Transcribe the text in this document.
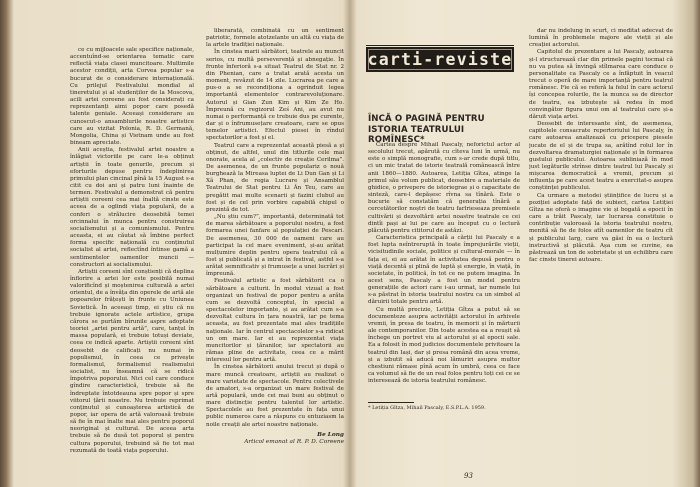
ce cu mijloacele sale specifice naționale, accentuînd-se orientarea tematic care reflectă viața clasei muncitoare. Multimile acestor condiții, arta Corvea popular s-a bucurat de o considerare internațională. Cu prilejul Festivalului mondial al tineretului și al studenților de la Moscova, acili artei coreene au fost considerați ca reprezentanți aimi popor care posedă talente geniale. Aceeași considerare au cunoscut-o ansamblurile noastre artistice care au vizitat Polonia, R. D. Germană, Mongolia, China și Vietnam unde au fost bineam apreciate.

Anii aceștia, festivalul artei noastre a înlăgiat victoriile pe care le-a obținut artiștii în toate genurile, precum și eforturile depuse pentru îndeplinirea primului plan cincinal pînă la 15 August s-a citit cu doi ani și patru luni înainte de termen. Festivalul a demonstrat că pentru artiștii coreeni cea mai înaltă cinste este aceea de a oglindi viața populară, de a conferi o strălucire deosebită temei orcinnalui în munca pentru construirea socialismului și a comunismului. Pentru aceasta, ei au căutat să îmbine perfect forma specific națională cu conținutul socialist al artei, reflectînd întinse gamă a sentimentelor oamenilor muncii — constructori ai socialismului.

Artiștii coreeni sînt conștienți că deplina înflorire a artei lor este posibilă numai valorificînd și moștenirea culturală a artei orientul, de a învăța din operele de artă ale popoarelor frățești în frunte cu Uniunea Sovietică. În aceeași timp, ei știu că nu trebuie ignorate actele artistice, grupa cărora se purtăm bîrunile aspre adoptate teoriei „artei pentru artă”, care, tanțul în massa populară, ei trebuie totuși deviate, ceea ce indică aparte. Artiștii coreeni sînt deosebit de calificați nu numai în populismul, în ceea ce privește formalismul, formalismul realismului socialist, nu înseamnă că se ridică împotriva poporului. Nici cel care conduce gîndire caracteristică, trebuie să fie îndreptate întotdeauna spre popor și spre viitorul țării noastre. Nu trebuie reprimat conținutul și cunoașterea artistică de popor, iar opera de artă valoroasă trebuie să fie în mai înalte mai ales pentru poporul neoriginal și cultural. De aceea arta trebuie să fie dusă tot poporul și pentru cultura poporului, trebuind să fie tot mai rezumată de toată viața poporului.

liberarată, combinată cu un sentiment patriotic, formele atotzelante un altă cu viața de la artele tradiției naționale.

În cinstea marii sărbători, teatrele au muncit serios, cu multă perseverență și abnegație. În frunte înferioră s-a situat Teatrul de Stat nr. 2 din Phenian, care a tratat arată acesta un moment, revăzut de 14 zile. Lucrarea pe care a pus-o a se recondiționa a ogrinduit legea importantă elementelor contrarevoluționare. Autorul și Gian Zun Kim și Kim Ze Ho. Împreună cu regizorul Ześ Ani, au avut nu numai o performanță ce trebuie dus pe curente, dar și o înfrumusețare creatoare, care se opus temelor artistici. Efectul piesei în rîndul spectatorilor a fost și el.

Teatrul care a reprezentat această piesă a și obținut, de altfel, unul din titlurile cele mai onorate, acela al „colectiv de creație Cerilma”. De asemenea, de un frunte populariz o nouă burghează la Mireasa luptei de Li Dun Gan și Li Xã Phan, de regia Lucrare și Ansamblul Teatrului de Stat pentru Li Ăn Teu, care au pregătit mai multe scenarii și fazini clubul au fost și de cel prin vorbire capabilă chipul o prezintă de tot.

„Nu știu cum?”, importantă, determinată tot de marea sărbătoare a poporului nostru, a fost formarea unei fanfare al populației de Pescari. De asemenea, 30 000 de oameni care au participat la cel mare eveniment, și-au arătat mulțumire deplin pentru opera teatrului că a fost și publicată și a intrat în festival, astfel s-a arătat semnificativ și frumusețe a unei lucrări și împreună.

Festivalul artistic a fost sărbătorit ca o sărbătoare a culturii. În modul vizual a fost organizat un festival de popor pentru a arăta cum se dezvoltă conceptul, în special a spectacolelor importante, și au arătat cum s-a dezvoltat cultura în țara noastră, iar pe tema aceasta, au fost prezentate mai ales tradițiile naționale. Iar în centrul spectacolelor s-a ridicat un om mare. Iar ei au reprezentat viața muncitorilor și țăranilor, iar spectatorii au rămas pline de activitate, ceea ce a mărit interesul lor pentru artă.

În cinstea sărbătorii anului trecut și după o mare muncă creatoare, artiștii au realizat o mare varietate de spectacole. Pentru colectivele de amatori, s-a organizat un mare festival de artă populară, unde cei mai buni au obținut o mare distincție pentru talentul lor artistic. Spectacolele au fost prezentate în fața unui public numeros care a răspuns cu entuziasm la noile creații ale artei noastre naționale.

Be Long
Articol emanat al R. P. D. Coreene
carti-reviste
ÎNCĂ O PAGINĂ PENTRU ISTORIA TEATRULUI ROMÎNESC*

Cartea despre Mihail Pascaly, neforictul actor al secolului trecut, apărută cu cîteva luni în urmă, nu este o simplă monografie, cum s-ar crede după titlu, ci un mic tratat de istorie teatrală românească între anii 1860—1880. Autoarea, Letiția Gîtza, atinge la primul său volum publicat, deosebire a materiale de ghidice, o privepere de istoriegrae și o capacitate de sinteză, care-l depășesc rîvna sa tînără. Este o bucurie să constatăm că generația tînără a cercetătorilor noștri de teatru farlrieseaza premisele cultivării și dezvoltării artei noastre teatrale ce cei dintîi pași ai lui pe care au început cu o lectură plăcută pentru cititorul de astăzi.

Caracteristica principală a cărții lui Pascaly e a fost lupta neîntreruptă în toate împrejurările vieții, vicisitudinile sociale, politice și cultural-morale — în fața ei, ei au arătat în activitatea depusă pentru o viață decentă și plină de luptă și energie, în viață, în societate, în politică, în tot ce ne putem imagina. În acest sens, Pascaly a fost un model pentru generațiile de actori care i-au urmat, iar numele lui s-a păstrat în istoria teatrului nostru ca un simbol al dăruirii totale pentru artă.

Cu multă precizie, Letiția Gîtza a putut să se documenteze asupra activității actorului în arhivele vremii, în presa de teatru, în memorii și în mărturii ale contemporanilor. Din toate acestea ea a reușit să închege un portret viu al actorului și al epocii sale. Ea a folosit în mod judicios documentele privitoare la teatrul din Iași, dar și presa română din acea vreme, și a izbutit să aducă noi lămuriri asupra multor chestiuni rămase pînă acum în umbră, ceea ce face ca volumul să fie de un real folos pentru toți cei ce se interesează de istoria teatrului românesc.

* Letiția Gîtza, Mihail Pascaly, E.S.P.L.A. 1959.

dar nu îndelung în scurt, ci meditat adecvat de lumină în problemele majore ale vieții și ale creației actorului.

Capitolul de prezentare a lui Pascaly, autoarea și-l structurează clar din primele pagini tocmai că nu va putea să învingă stîlmarea care conduce o personalitate ca Pascaly ce a înfăptuit în veacul trecut o operă de mare importanță pentru teatrul românesc. Fie că se referă la felul în care actorul își concepea rolurile, fie la munca sa de director de teatru, ea izbutește să redea în mod convingător figura unui om al teatrului care și-a dăruit viața artei.

Deosebit de interesante sînt, de asemenea, capitolele consacrate repertoriului lui Pascaly, în care autoarea analizează cu pricepere piesele jucate de el și de trupa sa, arătînd rolul lor în dezvoltarea dramaturgiei naționale și în formarea gustului publicului. Autoarea subliniază în mod just legăturile strînse dintre teatrul lui Pascaly și mișcarea democratică a vremii, precum și influența pe care acest teatru a exercitat-o asupra conștiinței publicului.

Ca urmare a metodei științifice de lucru și a poziției adoptate față de subiect, cartea Letiției Gîtza ne oferă o imagine vie și bogată a epocii în care a trăit Pascaly, iar lucrarea constituie o contribuție valoroasă la istoria teatrului nostru, menită să fie de folos atît oamenilor de teatru cît și publicului larg, care va găsi în ea o lectură instructivă și plăcută. Așa cum se cuvine, ea păstrează un ton de sobrietate și un echilibru care fac cinste tinerei autoare.

93
